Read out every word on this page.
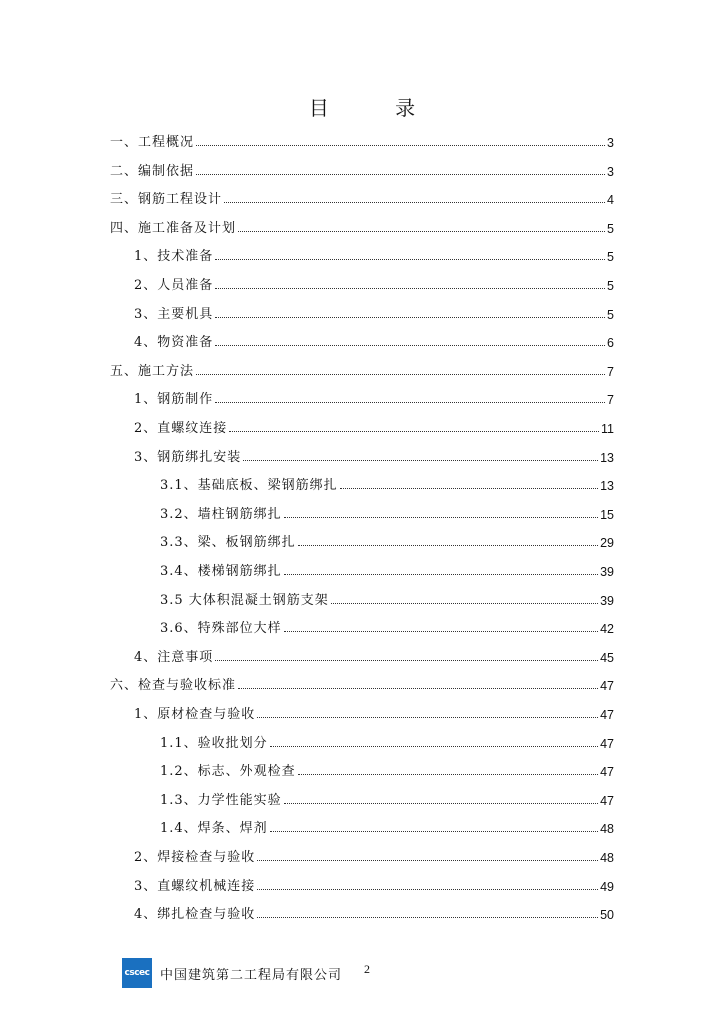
目 录
一、工程概况	3
二、编制依据	3
三、钢筋工程设计	4
四、施工准备及计划	5
1、技术准备	5
2、人员准备	5
3、主要机具	5
4、物资准备	6
五、施工方法	7
1、钢筋制作	7
2、直螺纹连接	11
3、钢筋绑扎安装	13
3.1、基础底板、梁钢筋绑扎	13
3.2、墙柱钢筋绑扎	15
3.3、梁、板钢筋绑扎	29
3.4、楼梯钢筋绑扎	39
3.5 大体积混凝土钢筋支架	39
3.6、特殊部位大样	42
4、注意事项	45
六、检查与验收标准	47
1、原材检查与验收	47
1.1、验收批划分	47
1.2、标志、外观检查	47
1.3、力学性能实验	47
1.4、焊条、焊剂	48
2、焊接检查与验收	48
3、直螺纹机械连接	49
4、绑扎检查与验收	50
cscec 中国建筑第二工程局有限公司 2
